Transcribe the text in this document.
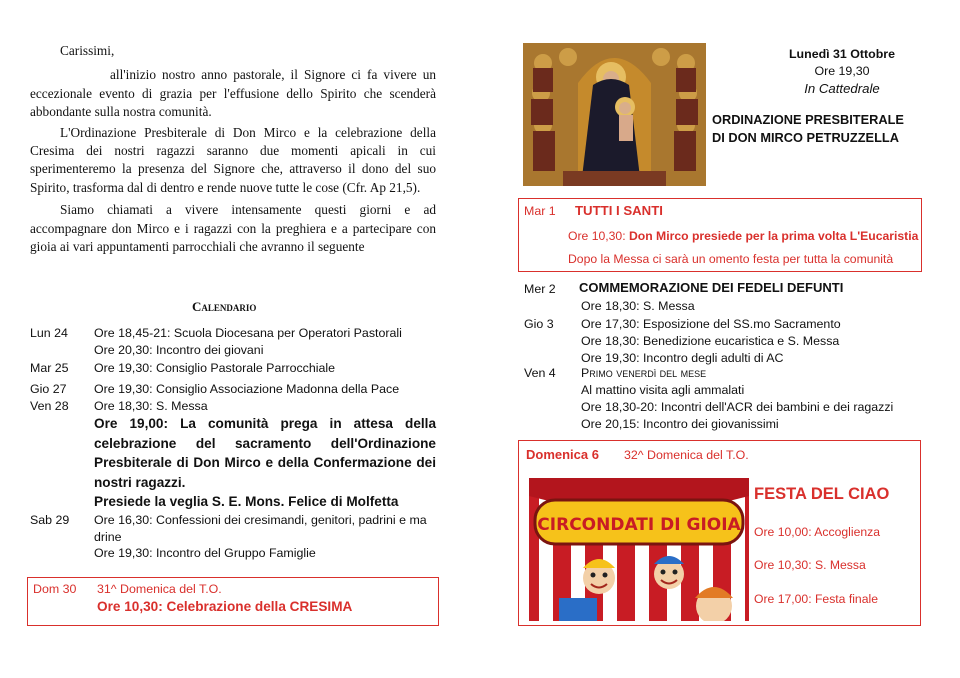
Carissimi,

all'inizio nostro anno pastorale, il Signore ci fa vivere un eccezionale evento di grazia per l'effusione dello Spirito che scenderà abbondante sulla nostra comunità.

L'Ordinazione Presbiterale di Don Mirco e la celebrazione della Cresima dei nostri ragazzi saranno due momenti apicali in cui sperimenteremo la presenza del Signore che, attraverso il dono del suo Spirito, trasforma dal di dentro e rende nuove tutte le cose (Cfr. Ap 21,5).

Siamo chiamati a vivere intensamente questi giorni e ad accompagnare don Mirco e i ragazzi con la preghiera e a partecipare con gioia ai vari appuntamenti parrocchiali che avranno il seguente

Calendario
Lun 24 Ore 18,45-21: Scuola Diocesana per Operatori Pastorali
Ore 20,30: Incontro dei giovani
Mar 25 Ore 19,30: Consiglio Pastorale Parrocchiale
Gio 27 Ore 19,30: Consiglio Associazione Madonna della Pace
Ven 28 Ore 18,30: S. Messa
Ore 19,00: La comunità prega in attesa della celebrazione del sacramento dell'Ordinazione Presbiterale di Don Mirco e della Confermazione dei nostri ragazzi.
Presiede la veglia S. E. Mons. Felice di Molfetta
Sab 29 Ore 16,30: Confessioni dei cresimandi, genitori, padrini e ma drine
Ore 19,30: Incontro del Gruppo Famiglie
Dom 30 31^ Domenica del T.O.
Ore 10,30: Celebrazione della CRESIMA
Lunedì 31 Ottobre
Ore 19,30
In Cattedrale
ORDINAZIONE PRESBITERALE
DI DON MIRCO PETRUZZELLA
Mar 1 TUTTI I SANTI
Ore 10,30: Don Mirco presiede per la prima volta L'Eucaristia
Dopo la Messa ci sarà un omento festa per tutta la comunità
Mer 2 COMMEMORAZIONE DEI FEDELI DEFUNTI
Ore 18,30: S. Messa
Gio 3 Ore 17,30: Esposizione del SS.mo Sacramento
Ore 18,30: Benedizione eucaristica e S. Messa
Ore 19,30: Incontro degli adulti di AC
Ven 4 Primo venerdì del mese
Al mattino visita agli ammalati
Ore 18,30-20: Incontri dell'ACR dei bambini e dei ragazzi
Ore 20,15: Incontro dei giovanissimi
Domenica 6 32^ Domenica del T.O.
CIRCONDATI DI GIOIA
FESTA DEL CIAO
Ore 10,00: Accoglienza
Ore 10,30: S. Messa
Ore 17,00: Festa finale
